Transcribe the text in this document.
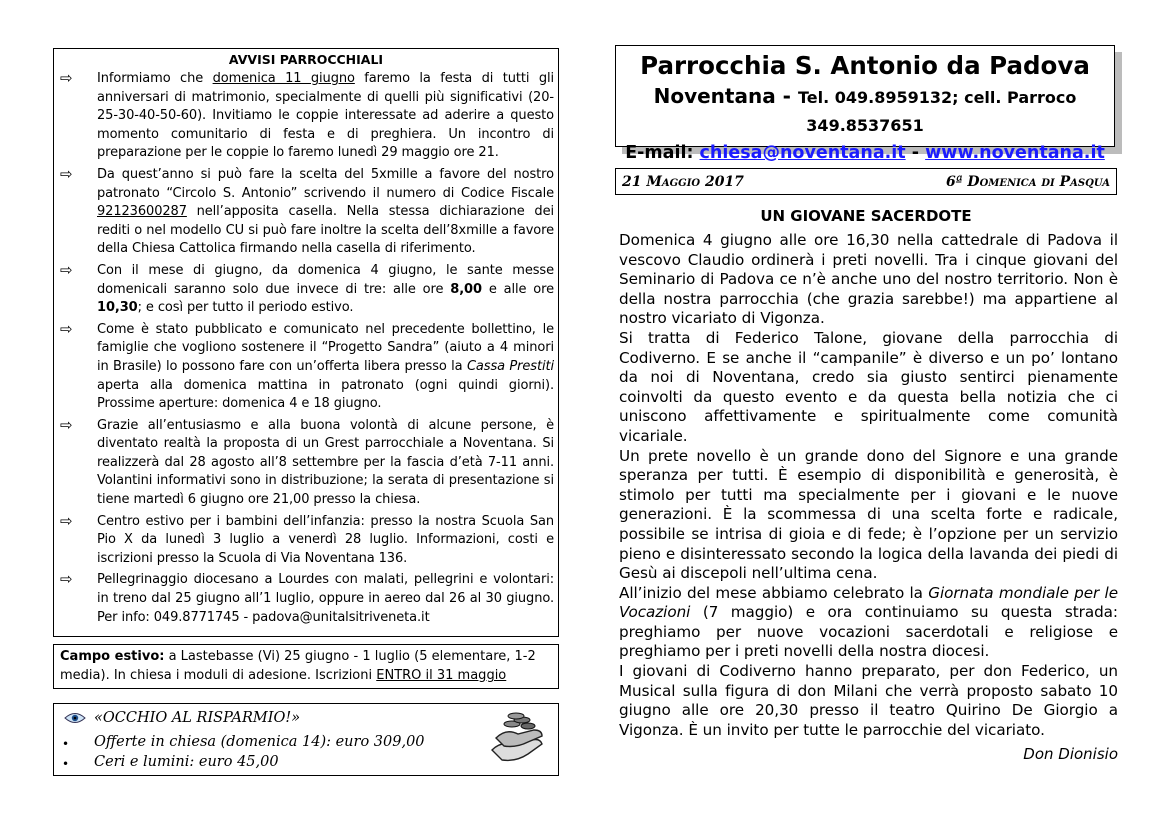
AVVISI PARROCCHIALI
⇨	Informiamo che domenica 11 giugno faremo la festa di tutti gli anniversari di matrimonio, specialmente di quelli più significativi (20-25-30-40-50-60). Invitiamo le coppie interessate ad aderire a questo momento comunitario di festa e di preghiera. Un incontro di preparazione per le coppie lo faremo lunedì 29 maggio ore 21.
⇨	Da quest’anno si può fare la scelta del 5xmille a favore del nostro patronato “Circolo S. Antonio” scrivendo il numero di Codice Fiscale 92123600287 nell’apposita casella. Nella stessa dichiarazione dei rediti o nel modello CU si può fare inoltre la scelta dell’8xmille a favore della Chiesa Cattolica firmando nella casella di riferimento.
⇨	Con il mese di giugno, da domenica 4 giugno, le sante messe domenicali saranno solo due invece di tre: alle ore 8,00 e alle ore 10,30; e così per tutto il periodo estivo.
⇨	Come è stato pubblicato e comunicato nel precedente bollettino, le famiglie che vogliono sostenere il “Progetto Sandra” (aiuto a 4 minori in Brasile) lo possono fare con un’offerta libera presso la Cassa Prestiti aperta alla domenica mattina in patronato (ogni quindi giorni). Prossime aperture: domenica 4 e 18 giugno.
⇨	Grazie all’entusiasmo e alla buona volontà di alcune persone, è diventato realtà la proposta di un Grest parrocchiale a Noventana. Si realizzerà dal 28 agosto all’8 settembre per la fascia d’età 7-11 anni. Volantini informativi sono in distribuzione; la serata di presentazione si tiene martedì 6 giugno ore 21,00 presso la chiesa.
⇨	Centro estivo per i bambini dell’infanzia: presso la nostra Scuola San Pio X da lunedì 3 luglio a venerdì 28 luglio. Informazioni, costi e iscrizioni presso la Scuola di Via Noventana 136.
⇨	Pellegrinaggio diocesano a Lourdes con malati, pellegrini e volontari: in treno dal 25 giugno all’1 luglio, oppure in aereo dal 26 al 30 giugno. Per info: 049.8771745 - padova@unitalsitriveneta.it
Campo estivo: a Lastebasse (Vi) 25 giugno - 1 luglio (5 elementare, 1-2 media). In chiesa i moduli di adesione. Iscrizioni ENTRO il 31 maggio
«OCCHIO AL RISPARMIO!»
•	Offerte in chiesa (domenica 14): euro 309,00
•	Ceri e lumini: euro 45,00
Parrocchia S. Antonio da Padova
Noventana - Tel. 049.8959132; cell. Parroco 349.8537651
E-mail: chiesa@noventana.it - www.noventana.it
21 Maggio 2017	6ª Domenica di Pasqua
UN GIOVANE SACERDOTE

Domenica 4 giugno alle ore 16,30 nella cattedrale di Padova il vescovo Claudio ordinerà i preti novelli. Tra i cinque giovani del Seminario di Padova ce n’è anche uno del nostro territorio. Non è della nostra parrocchia (che grazia sarebbe!) ma appartiene al nostro vicariato di Vigonza.

Si tratta di Federico Talone, giovane della parrocchia di Codiverno. E se anche il “campanile” è diverso e un po’ lontano da noi di Noventana, credo sia giusto sentirci pienamente coinvolti da questo evento e da questa bella notizia che ci uniscono affettivamente e spiritualmente come comunità vicariale.

Un prete novello è un grande dono del Signore e una grande speranza per tutti. È esempio di disponibilità e generosità, è stimolo per tutti ma specialmente per i giovani e le nuove generazioni. È la scommessa di una scelta forte e radicale, possibile se intrisa di gioia e di fede; è l’opzione per un servizio pieno e disinteressato secondo la logica della lavanda dei piedi di Gesù ai discepoli nell’ultima cena.

All’inizio del mese abbiamo celebrato la Giornata mondiale per le Vocazioni (7 maggio) e ora continuiamo su questa strada: preghiamo per nuove vocazioni sacerdotali e religiose e preghiamo per i preti novelli della nostra diocesi.

I giovani di Codiverno hanno preparato, per don Federico, un Musical sulla figura di don Milani che verrà proposto sabato 10 giugno alle ore 20,30 presso il teatro Quirino De Giorgio a Vigonza. È un invito per tutte le parrocchie del vicariato.

Don Dionisio
